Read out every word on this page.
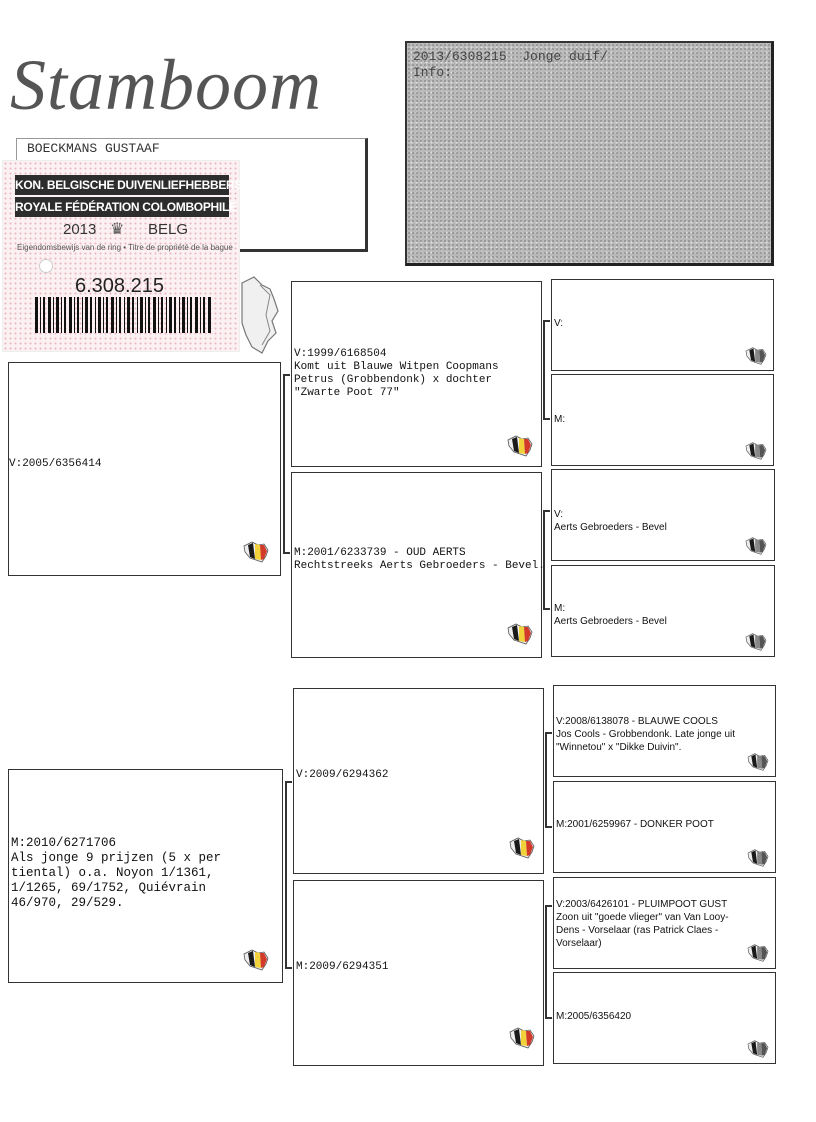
Stamboom
BOECKMANS GUSTAAF
2013/6308215  Jonge duif/
Info:
KON. BELGISCHE DUIVENLIEFHEBBERSBOND
ROYALE FÉDÉRATION COLOMBOPHILE BELGE
2013 ♛ BELG
Eigendomsbewijs van de ring • Titre de propriété de la bague
6.308.215
V:2005/6356414
M:2010/6271706
Als jonge 9 prijzen (5 x per
tiental) o.a. Noyon 1/1361,
1/1265, 69/1752, Quiévrain
46/970, 29/529.
V:1999/6168504
Komt uit Blauwe Witpen Coopmans
Petrus (Grobbendonk) x dochter
"Zwarte Poot 77"
M:2001/6233739 - OUD AERTS
Rechtstreeks Aerts Gebroeders - Bevel.
V:2009/6294362
M:2009/6294351
V:
M:
V:
Aerts Gebroeders - Bevel
M:
Aerts Gebroeders - Bevel
V:2008/6138078 - BLAUWE COOLS
Jos Cools - Grobbendonk. Late jonge uit
"Winnetou" x "Dikke Duivin".
M:2001/6259967 - DONKER POOT
V:2003/6426101 - PLUIMPOOT GUST
Zoon uit "goede vlieger" van Van Looy-
Dens - Vorselaar (ras Patrick Claes -
Vorselaar)
M:2005/6356420
